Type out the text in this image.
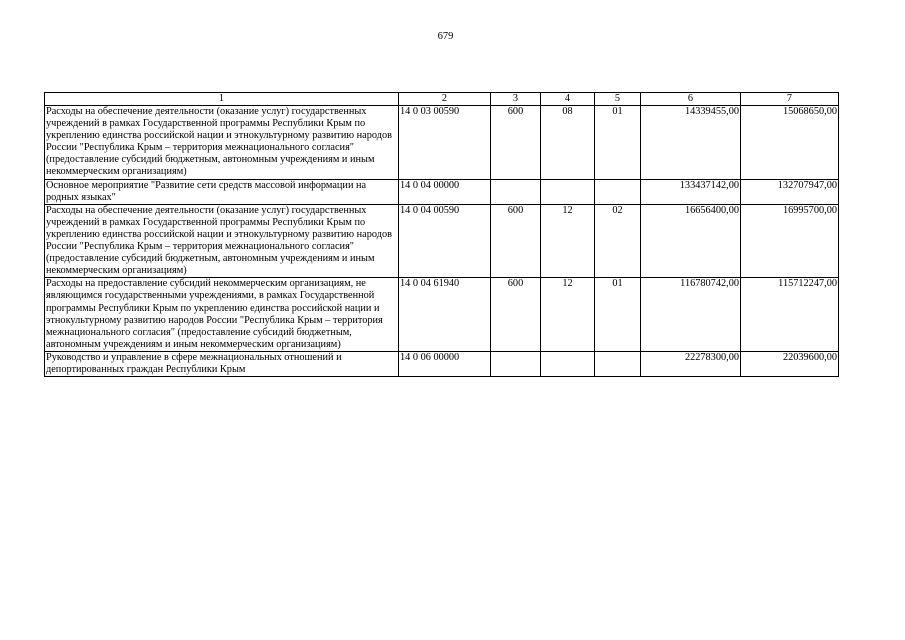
679
1	2	3	4	5	6	7
Расходы на обеспечение деятельности (оказание услуг) государственных учреждений в рамках Государственной программы Республики Крым по укреплению единства российской нации и этнокультурному развитию народов России "Республика Крым – территория межнационального согласия" (предоставление субсидий бюджетным, автономным учреждениям и иным некоммерческим организациям)	14 0 03 00590	600	08	01	14339455,00	15068650,00
Основное мероприятие "Развитие сети средств массовой информации на родных языках"	14 0 04 00000				133437142,00	132707947,00
Расходы на обеспечение деятельности (оказание услуг) государственных учреждений в рамках Государственной программы Республики Крым по укреплению единства российской нации и этнокультурному развитию народов России "Республика Крым – территория межнационального согласия" (предоставление субсидий бюджетным, автономным учреждениям и иным некоммерческим организациям)	14 0 04 00590	600	12	02	16656400,00	16995700,00
Расходы на предоставление субсидий некоммерческим организациям, не являющимся государственными учреждениями, в рамках Государственной программы Республики Крым по укреплению единства российской нации и этнокультурному развитию народов России "Республика Крым – территория межнационального согласия" (предоставление субсидий бюджетным, автономным учреждениям и иным некоммерческим организациям)	14 0 04 61940	600	12	01	116780742,00	115712247,00
Руководство и управление в сфере межнациональных отношений и депортированных граждан Республики Крым	14 0 06 00000				22278300,00	22039600,00
